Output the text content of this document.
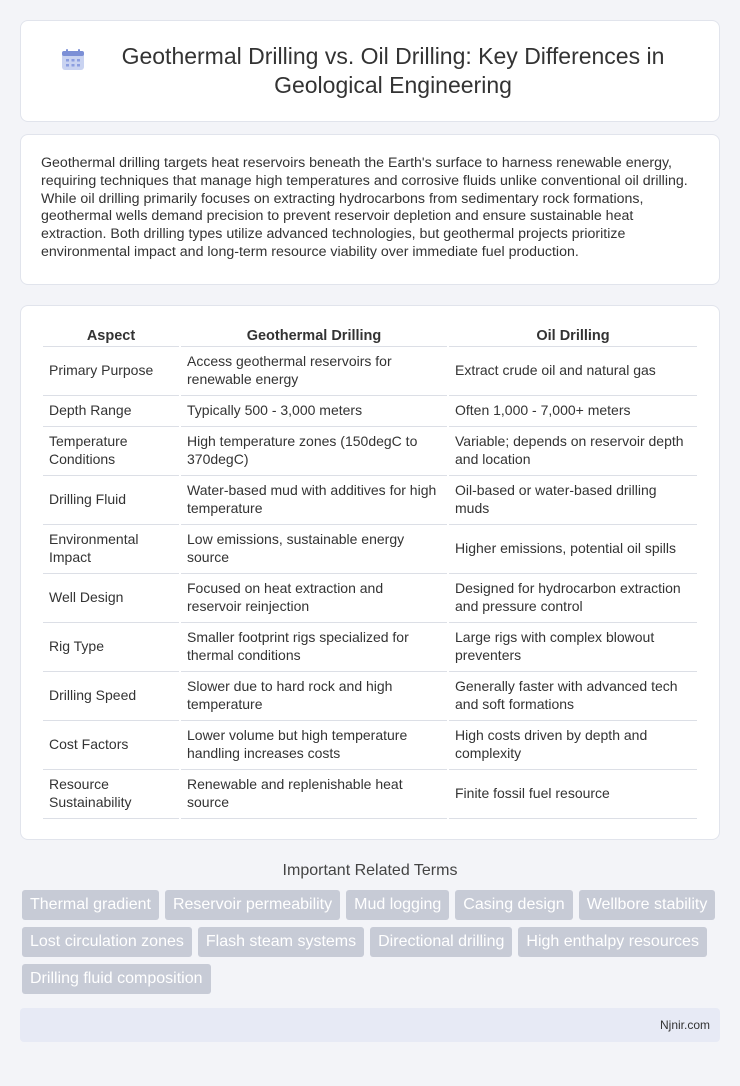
Geothermal Drilling vs. Oil Drilling: Key Differences in Geological Engineering
Geothermal drilling targets heat reservoirs beneath the Earth's surface to harness renewable energy, requiring techniques that manage high temperatures and corrosive fluids unlike conventional oil drilling. While oil drilling primarily focuses on extracting hydrocarbons from sedimentary rock formations, geothermal wells demand precision to prevent reservoir depletion and ensure sustainable heat extraction. Both drilling types utilize advanced technologies, but geothermal projects prioritize environmental impact and long-term resource viability over immediate fuel production.
Aspect	Geothermal Drilling	Oil Drilling
Primary Purpose	Access geothermal reservoirs for renewable energy	Extract crude oil and natural gas
Depth Range	Typically 500 - 3,000 meters	Often 1,000 - 7,000+ meters
Temperature Conditions	High temperature zones (150degC to 370degC)	Variable; depends on reservoir depth and location
Drilling Fluid	Water-based mud with additives for high temperature	Oil-based or water-based drilling muds
Environmental Impact	Low emissions, sustainable energy source	Higher emissions, potential oil spills
Well Design	Focused on heat extraction and reservoir reinjection	Designed for hydrocarbon extraction and pressure control
Rig Type	Smaller footprint rigs specialized for thermal conditions	Large rigs with complex blowout preventers
Drilling Speed	Slower due to hard rock and high temperature	Generally faster with advanced tech and soft formations
Cost Factors	Lower volume but high temperature handling increases costs	High costs driven by depth and complexity
Resource Sustainability	Renewable and replenishable heat source	Finite fossil fuel resource
Important Related Terms
Thermal gradient	Reservoir permeability	Mud logging	Casing design	Wellbore stability
Lost circulation zones	Flash steam systems	Directional drilling	High enthalpy resources
Drilling fluid composition
Njnir.com
